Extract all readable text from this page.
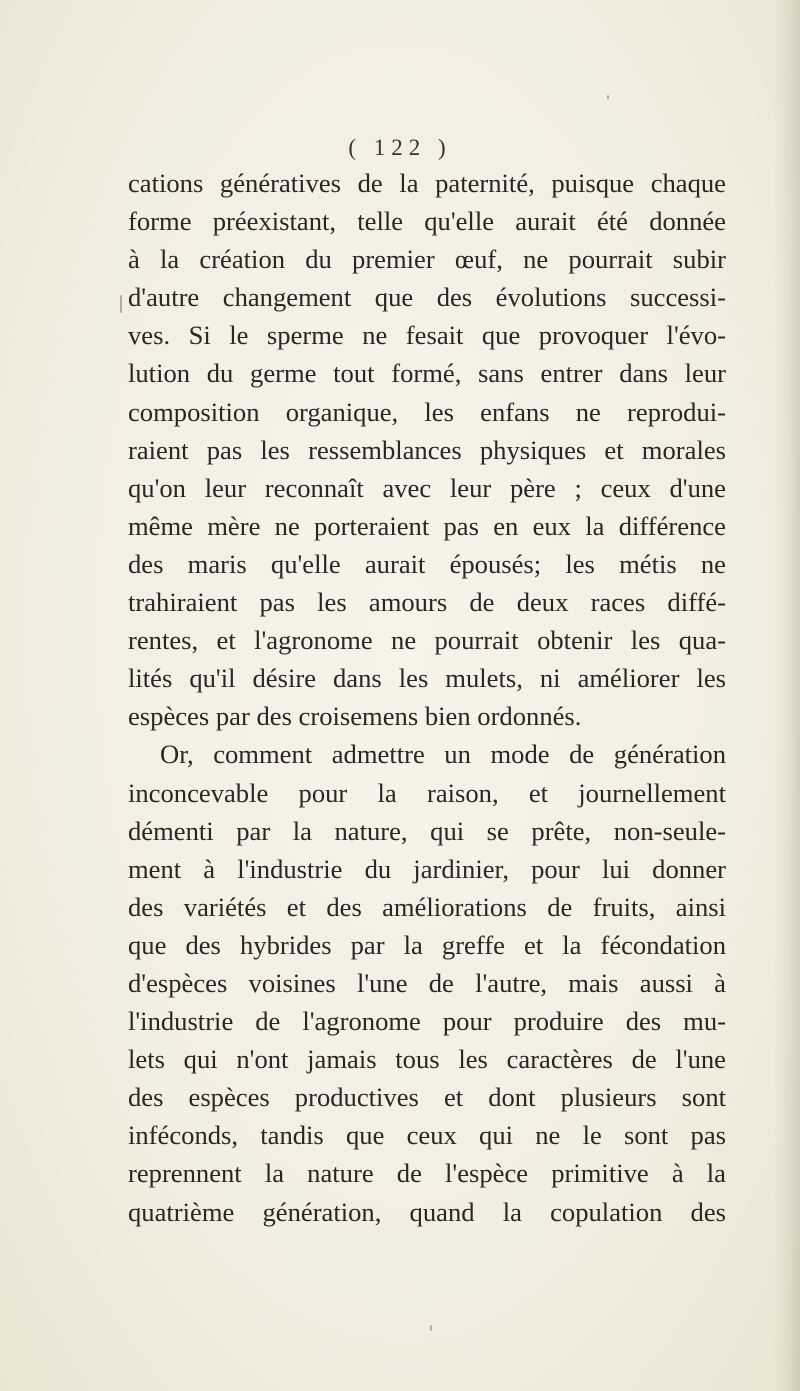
( 122 )
cations génératives de la paternité, puisque chaque
forme préexistant, telle qu'elle aurait été donnée
à la création du premier œuf, ne pourrait subir
d'autre changement que des évolutions successi-
ves. Si le sperme ne fesait que provoquer l'évo-
lution du germe tout formé, sans entrer dans leur
composition organique, les enfans ne reprodui-
raient pas les ressemblances physiques et morales
qu'on leur reconnaît avec leur père ; ceux d'une
même mère ne porteraient pas en eux la différence
des maris qu'elle aurait épousés; les métis ne
trahiraient pas les amours de deux races diffé-
rentes, et l'agronome ne pourrait obtenir les qua-
lités qu'il désire dans les mulets, ni améliorer les
espèces par des croisemens bien ordonnés.
Or, comment admettre un mode de génération
inconcevable pour la raison, et journellement
démenti par la nature, qui se prête, non-seule-
ment à l'industrie du jardinier, pour lui donner
des variétés et des améliorations de fruits, ainsi
que des hybrides par la greffe et la fécondation
d'espèces voisines l'une de l'autre, mais aussi à
l'industrie de l'agronome pour produire des mu-
lets qui n'ont jamais tous les caractères de l'une
des espèces productives et dont plusieurs sont
inféconds, tandis que ceux qui ne le sont pas
reprennent la nature de l'espèce primitive à la
quatrième génération, quand la copulation des
